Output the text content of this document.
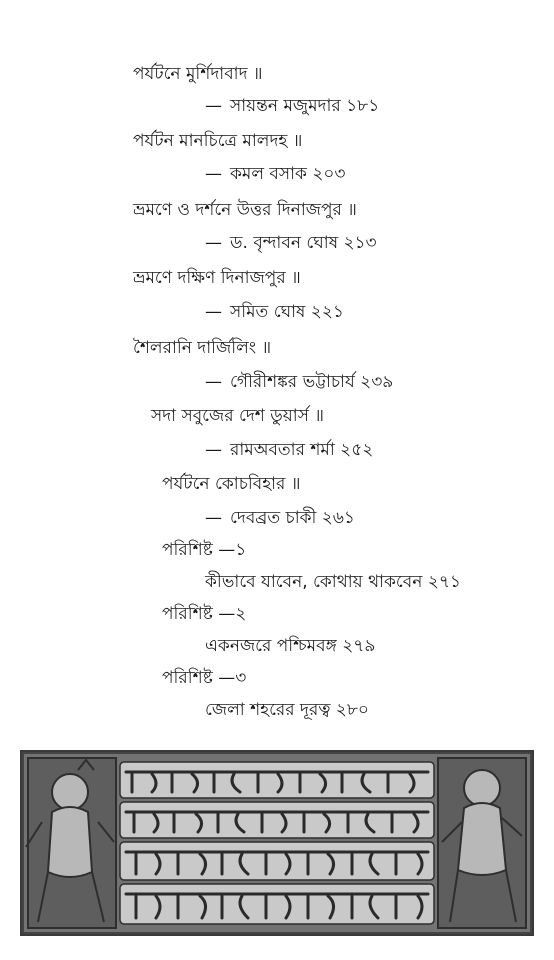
পর্যটনে মুর্শিদাবাদ ॥
— সায়ন্তন মজুমদার ১৮১
পর্যটন মানচিত্রে মালদহ ॥
— কমল বসাক ২০৩
ভ্রমণে ও দর্শনে উত্তর দিনাজপুর ॥
— ড. বৃন্দাবন ঘোষ ২১৩
ভ্রমণে দক্ষিণ দিনাজপুর ॥
— সমিত ঘোষ ২২১
শৈলরানি দার্জিলিং ॥
— গৌরীশঙ্কর ভট্টাচার্য ২৩৯
সদা সবুজের দেশ ডুয়ার্স ॥
— রামঅবতার শর্মা ২৫২
পর্যটনে কোচবিহার ॥
— দেবব্রত চাকী ২৬১
পরিশিষ্ট —১
কীভাবে যাবেন, কোথায় থাকবেন ২৭১
পরিশিষ্ট —২
একনজরে পশ্চিমবঙ্গ ২৭৯
পরিশিষ্ট —৩
জেলা শহরের দূরত্ব ২৮০
